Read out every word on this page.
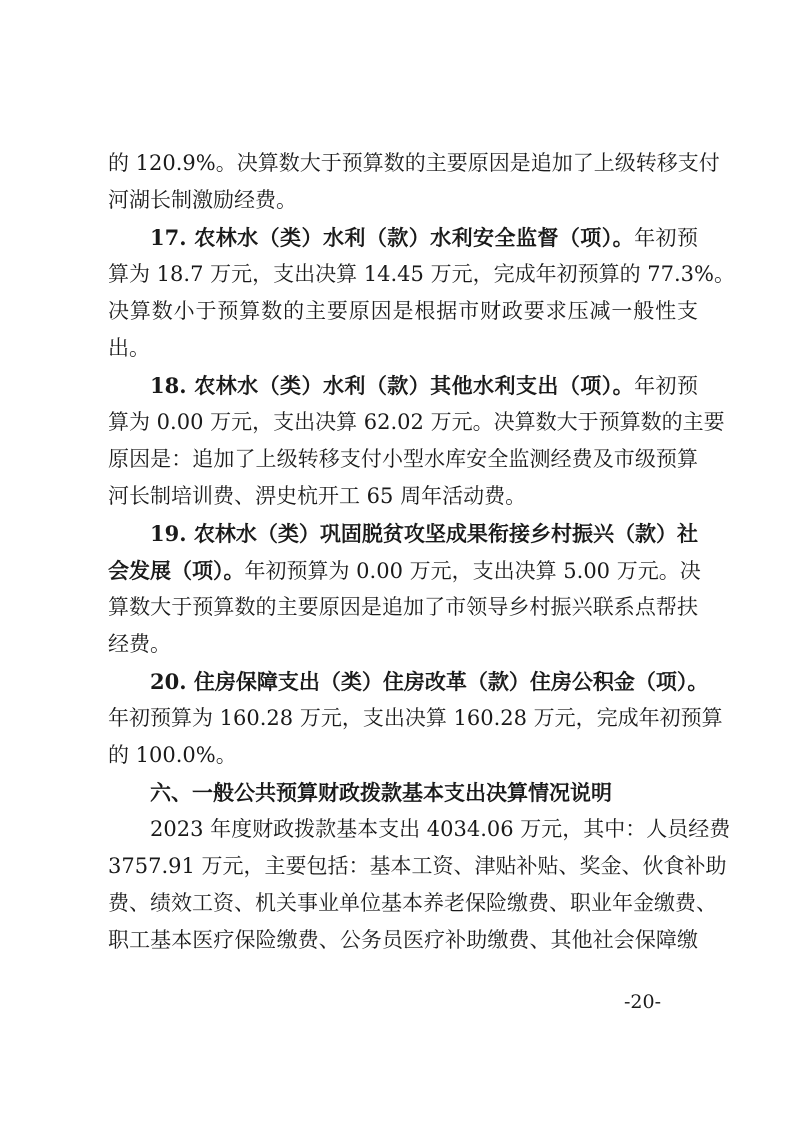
的 120.9%。决算数大于预算数的主要原因是追加了上级转移支付
河湖长制激励经费。
17. 农林水（类）水利（款）水利安全监督（项）。年初预
算为 18.7 万元，支出决算 14.45 万元，完成年初预算的 77.3%。
决算数小于预算数的主要原因是根据市财政要求压减一般性支
出。
18. 农林水（类）水利（款）其他水利支出（项）。年初预
算为 0.00 万元，支出决算 62.02 万元。决算数大于预算数的主要
原因是：追加了上级转移支付小型水库安全监测经费及市级预算
河长制培训费、淠史杭开工 65 周年活动费。
19. 农林水（类）巩固脱贫攻坚成果衔接乡村振兴（款）社
会发展（项）。年初预算为 0.00 万元，支出决算 5.00 万元。决
算数大于预算数的主要原因是追加了市领导乡村振兴联系点帮扶
经费。
20. 住房保障支出（类）住房改革（款）住房公积金（项）。
年初预算为 160.28 万元，支出决算 160.28 万元，完成年初预算
的 100.0%。
六、一般公共预算财政拨款基本支出决算情况说明
2023 年度财政拨款基本支出 4034.06 万元，其中：人员经费
3757.91 万元，主要包括：基本工资、津贴补贴、奖金、伙食补助
费、绩效工资、机关事业单位基本养老保险缴费、职业年金缴费、
职工基本医疗保险缴费、公务员医疗补助缴费、其他社会保障缴
-20-
